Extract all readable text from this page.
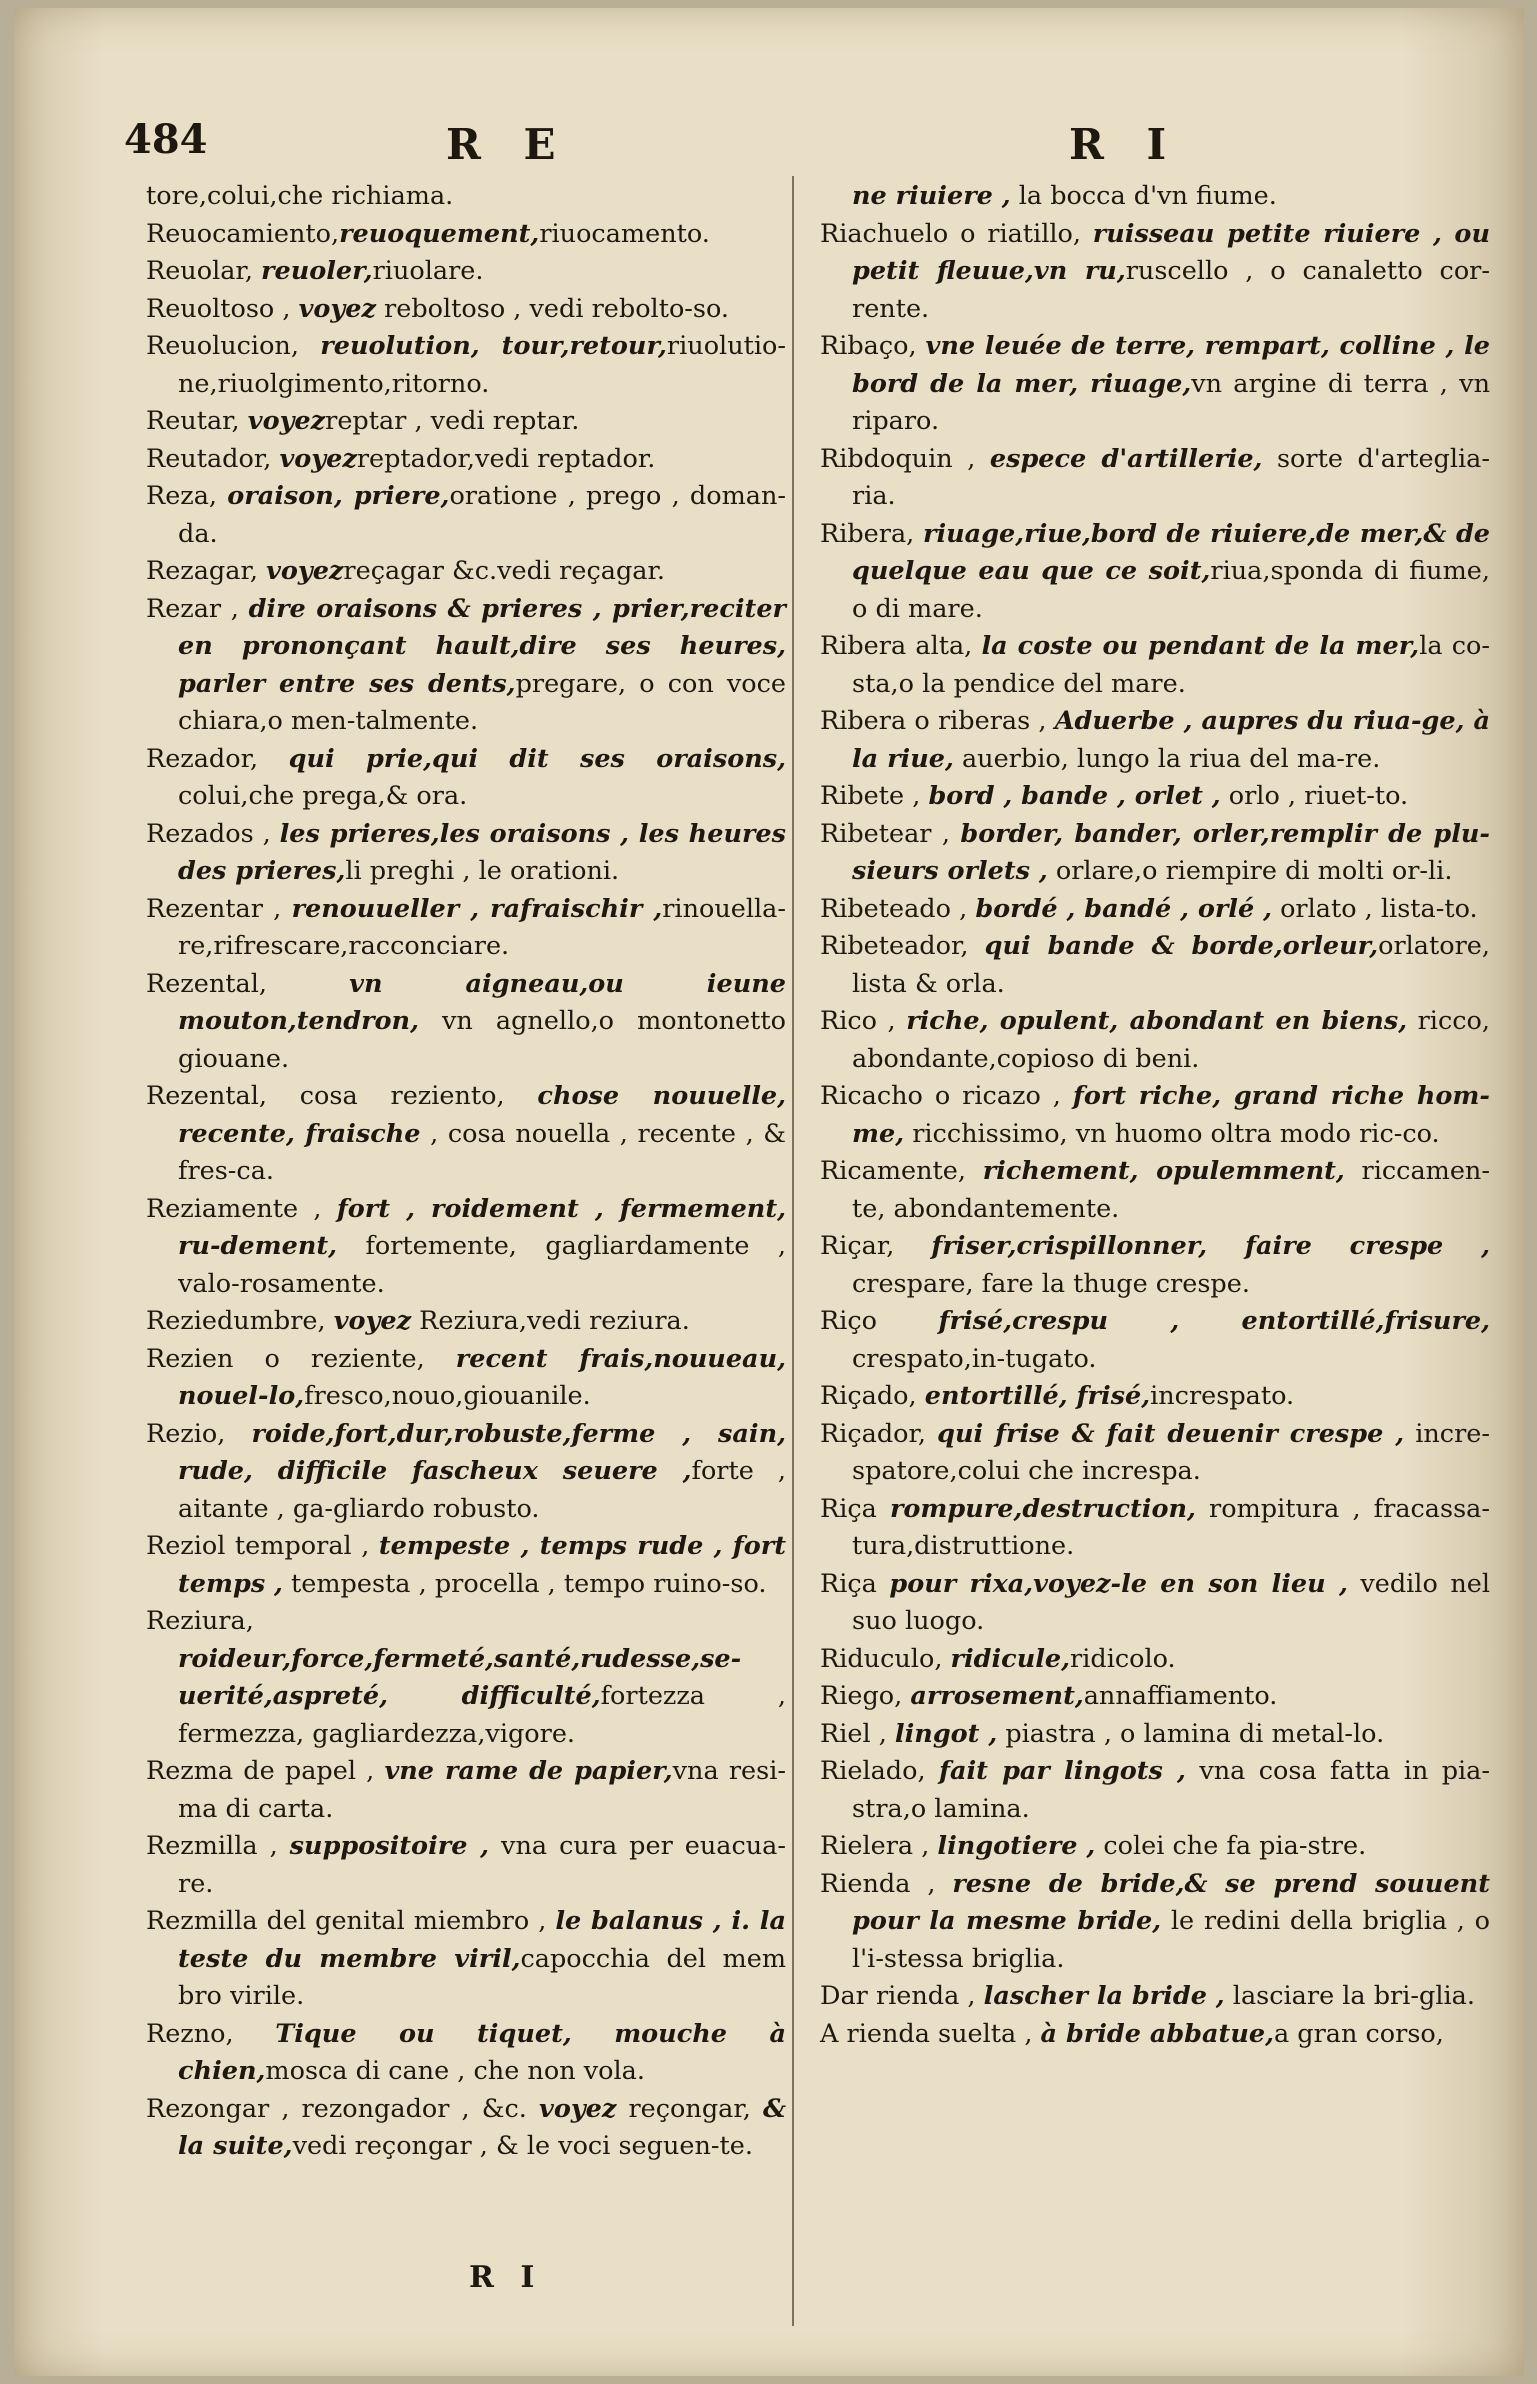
484	R E	R I
tore,colui,che richiama.
Reuocamiento,reuoquement,riuocamento.
Reuolar, reuoler,riuolare.
Reuoltoso , voyez reboltoso , vedi rebolto-so.
Reuolucion, reuolution, tour,retour,riuolutio-ne,riuolgimento,ritorno.
Reutar, voyezreptar , vedi reptar.
Reutador, voyezreptador,vedi reptador.
Reza, oraison, priere,oratione , prego , doman-da.
Rezagar, voyezreçagar &c.vedi reçagar.
Rezar , dire oraisons & prieres , prier,reciter en prononçant hault,dire ses heures, parler entre ses dents,pregare, o con voce chiara,o men-talmente.
Rezador, qui prie,qui dit ses oraisons, colui,che prega,& ora.
Rezados , les prieres,les oraisons , les heures des prieres,li preghi , le orationi.
Rezentar , renouueller , rafraischir ,rinouella-re,rifrescare,racconciare.
Rezental, vn aigneau,ou ieune mouton,tendron, vn agnello,o montonetto giouane.
Rezental, cosa reziento, chose nouuelle, recente, fraische , cosa nouella , recente , & fres-ca.
Reziamente , fort , roidement , fermement, ru-dement, fortemente, gagliardamente , valo-rosamente.
Reziedumbre, voyez Reziura,vedi reziura.
Rezien o reziente, recent frais,nouueau, nouel-lo,fresco,nouo,giouanile.
Rezio, roide,fort,dur,robuste,ferme , sain, rude, difficile fascheux seuere ,forte , aitante , ga-gliardo robusto.
Reziol temporal , tempeste , temps rude , fort temps , tempesta , procella , tempo ruino-so.
Reziura, roideur,force,fermeté,santé,rudesse,se-uerité,aspreté, difficulté,fortezza , fermezza, gagliardezza,vigore.
Rezma de papel , vne rame de papier,vna resi-ma di carta.
Rezmilla , suppositoire , vna cura per euacua-re.
Rezmilla del genital miembro , le balanus , i. la teste du membre viril,capocchia del mem bro virile.
Rezno, Tique ou tiquet, mouche à chien,mosca di cane , che non vola.
Rezongar , rezongador , &c. voyez reçongar, & la suite,vedi reçongar , & le voci seguen-te.
ne riuiere , la bocca d'vn fiume.
Riachuelo o riatillo, ruisseau petite riuiere , ou petit fleuue,vn ru,ruscello , o canaletto cor-rente.
Ribaço, vne leuée de terre, rempart, colline , le bord de la mer, riuage,vn argine di terra , vn riparo.
Ribdoquin , espece d'artillerie, sorte d'arteglia-ria.
Ribera, riuage,riue,bord de riuiere,de mer,& de quelque eau que ce soit,riua,sponda di fiume, o di mare.
Ribera alta, la coste ou pendant de la mer,la co-sta,o la pendice del mare.
Ribera o riberas , Aduerbe , aupres du riua-ge, à la riue, auerbio, lungo la riua del ma-re.
Ribete , bord , bande , orlet , orlo , riuet-to.
Ribetear , border, bander, orler,remplir de plu-sieurs orlets , orlare,o riempire di molti or-li.
Ribeteado , bordé , bandé , orlé , orlato , lista-to.
Ribeteador, qui bande & borde,orleur,orlatore, lista & orla.
Rico , riche, opulent, abondant en biens, ricco, abondante,copioso di beni.
Ricacho o ricazo , fort riche, grand riche hom-me, ricchissimo, vn huomo oltra modo ric-co.
Ricamente, richement, opulemment, riccamen-te, abondantemente.
Riçar, friser,crispillonner, faire crespe , crespare, fare la thuge crespe.
Riço frisé,crespu , entortillé,frisure, crespato,in-tugato.
Riçado, entortillé, frisé,increspato.
Riçador, qui frise & fait deuenir crespe , incre-spatore,colui che increspa.
Riça rompure,destruction, rompitura , fracassa-tura,distruttione.
Riça pour rixa,voyez-le en son lieu , vedilo nel suo luogo.
Riduculo, ridicule,ridicolo.
Riego, arrosement,annaffiamento.
Riel , lingot , piastra , o lamina di metal-lo.
Rielado, fait par lingots , vna cosa fatta in pia-stra,o lamina.
Rielera , lingotiere , colei che fa pia-stre.
Rienda , resne de bride,& se prend souuent pour la mesme bride, le redini della briglia , o l'i-stessa briglia.
Dar rienda , lascher la bride , lasciare la bri-glia.
A rienda suelta , à bride abbatue,a gran corso,
R I
